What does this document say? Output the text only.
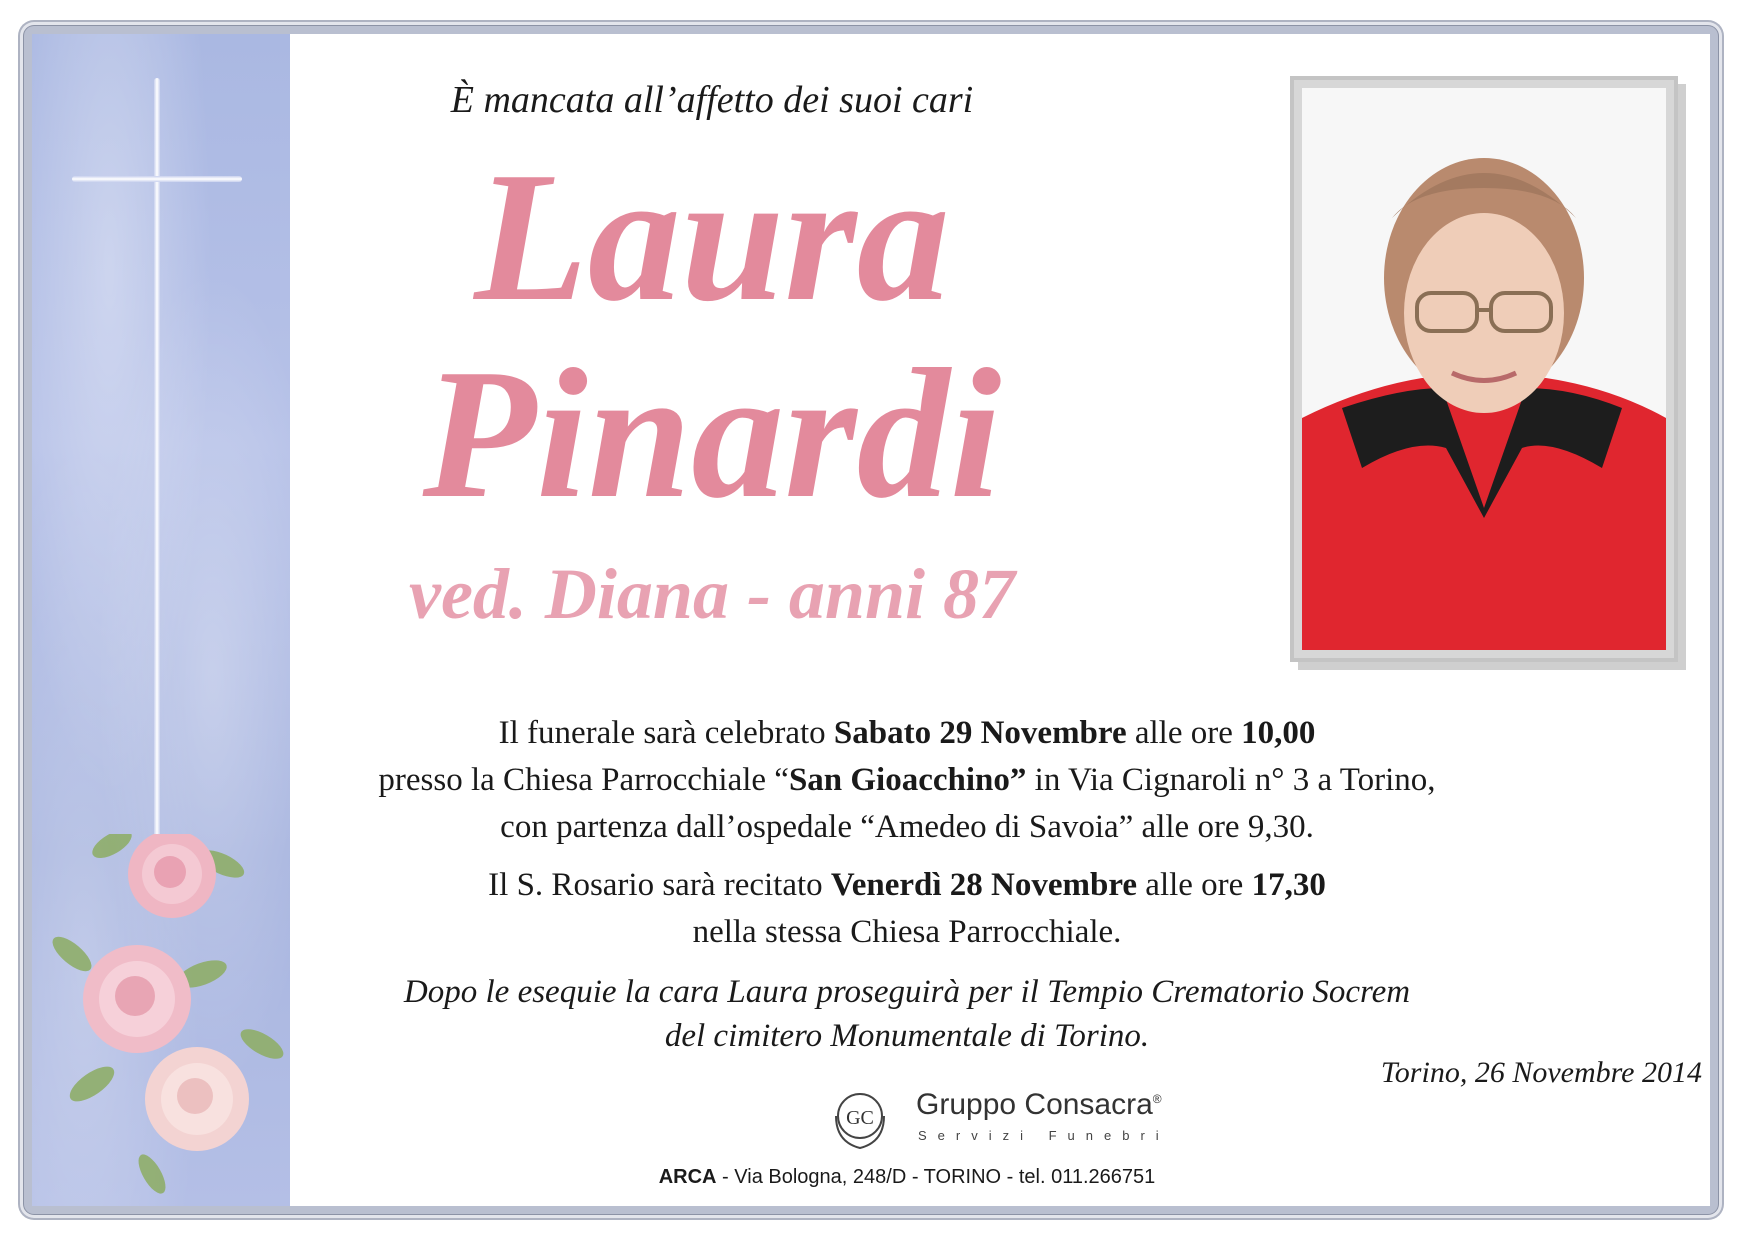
È mancata all’affetto dei suoi cari

Laura

Pinardi

ved. Diana - anni 87

Il funerale sarà celebrato Sabato 29 Novembre alle ore 10,00
presso la Chiesa Parrocchiale “San Gioacchino” in Via Cignaroli n° 3 a Torino,
con partenza dall’ospedale “Amedeo di Savoia” alle ore 9,30.

Il S. Rosario sarà recitato Venerdì 28 Novembre alle ore 17,30
nella stessa Chiesa Parrocchiale.

Dopo le esequie la cara Laura proseguirà per il Tempio Crematorio Socrem
del cimitero Monumentale di Torino.

Torino, 26 Novembre 2014

GC Gruppo Consacra®
Servizi Funebri

ARCA - Via Bologna, 248/D - TORINO - tel. 011.266751
